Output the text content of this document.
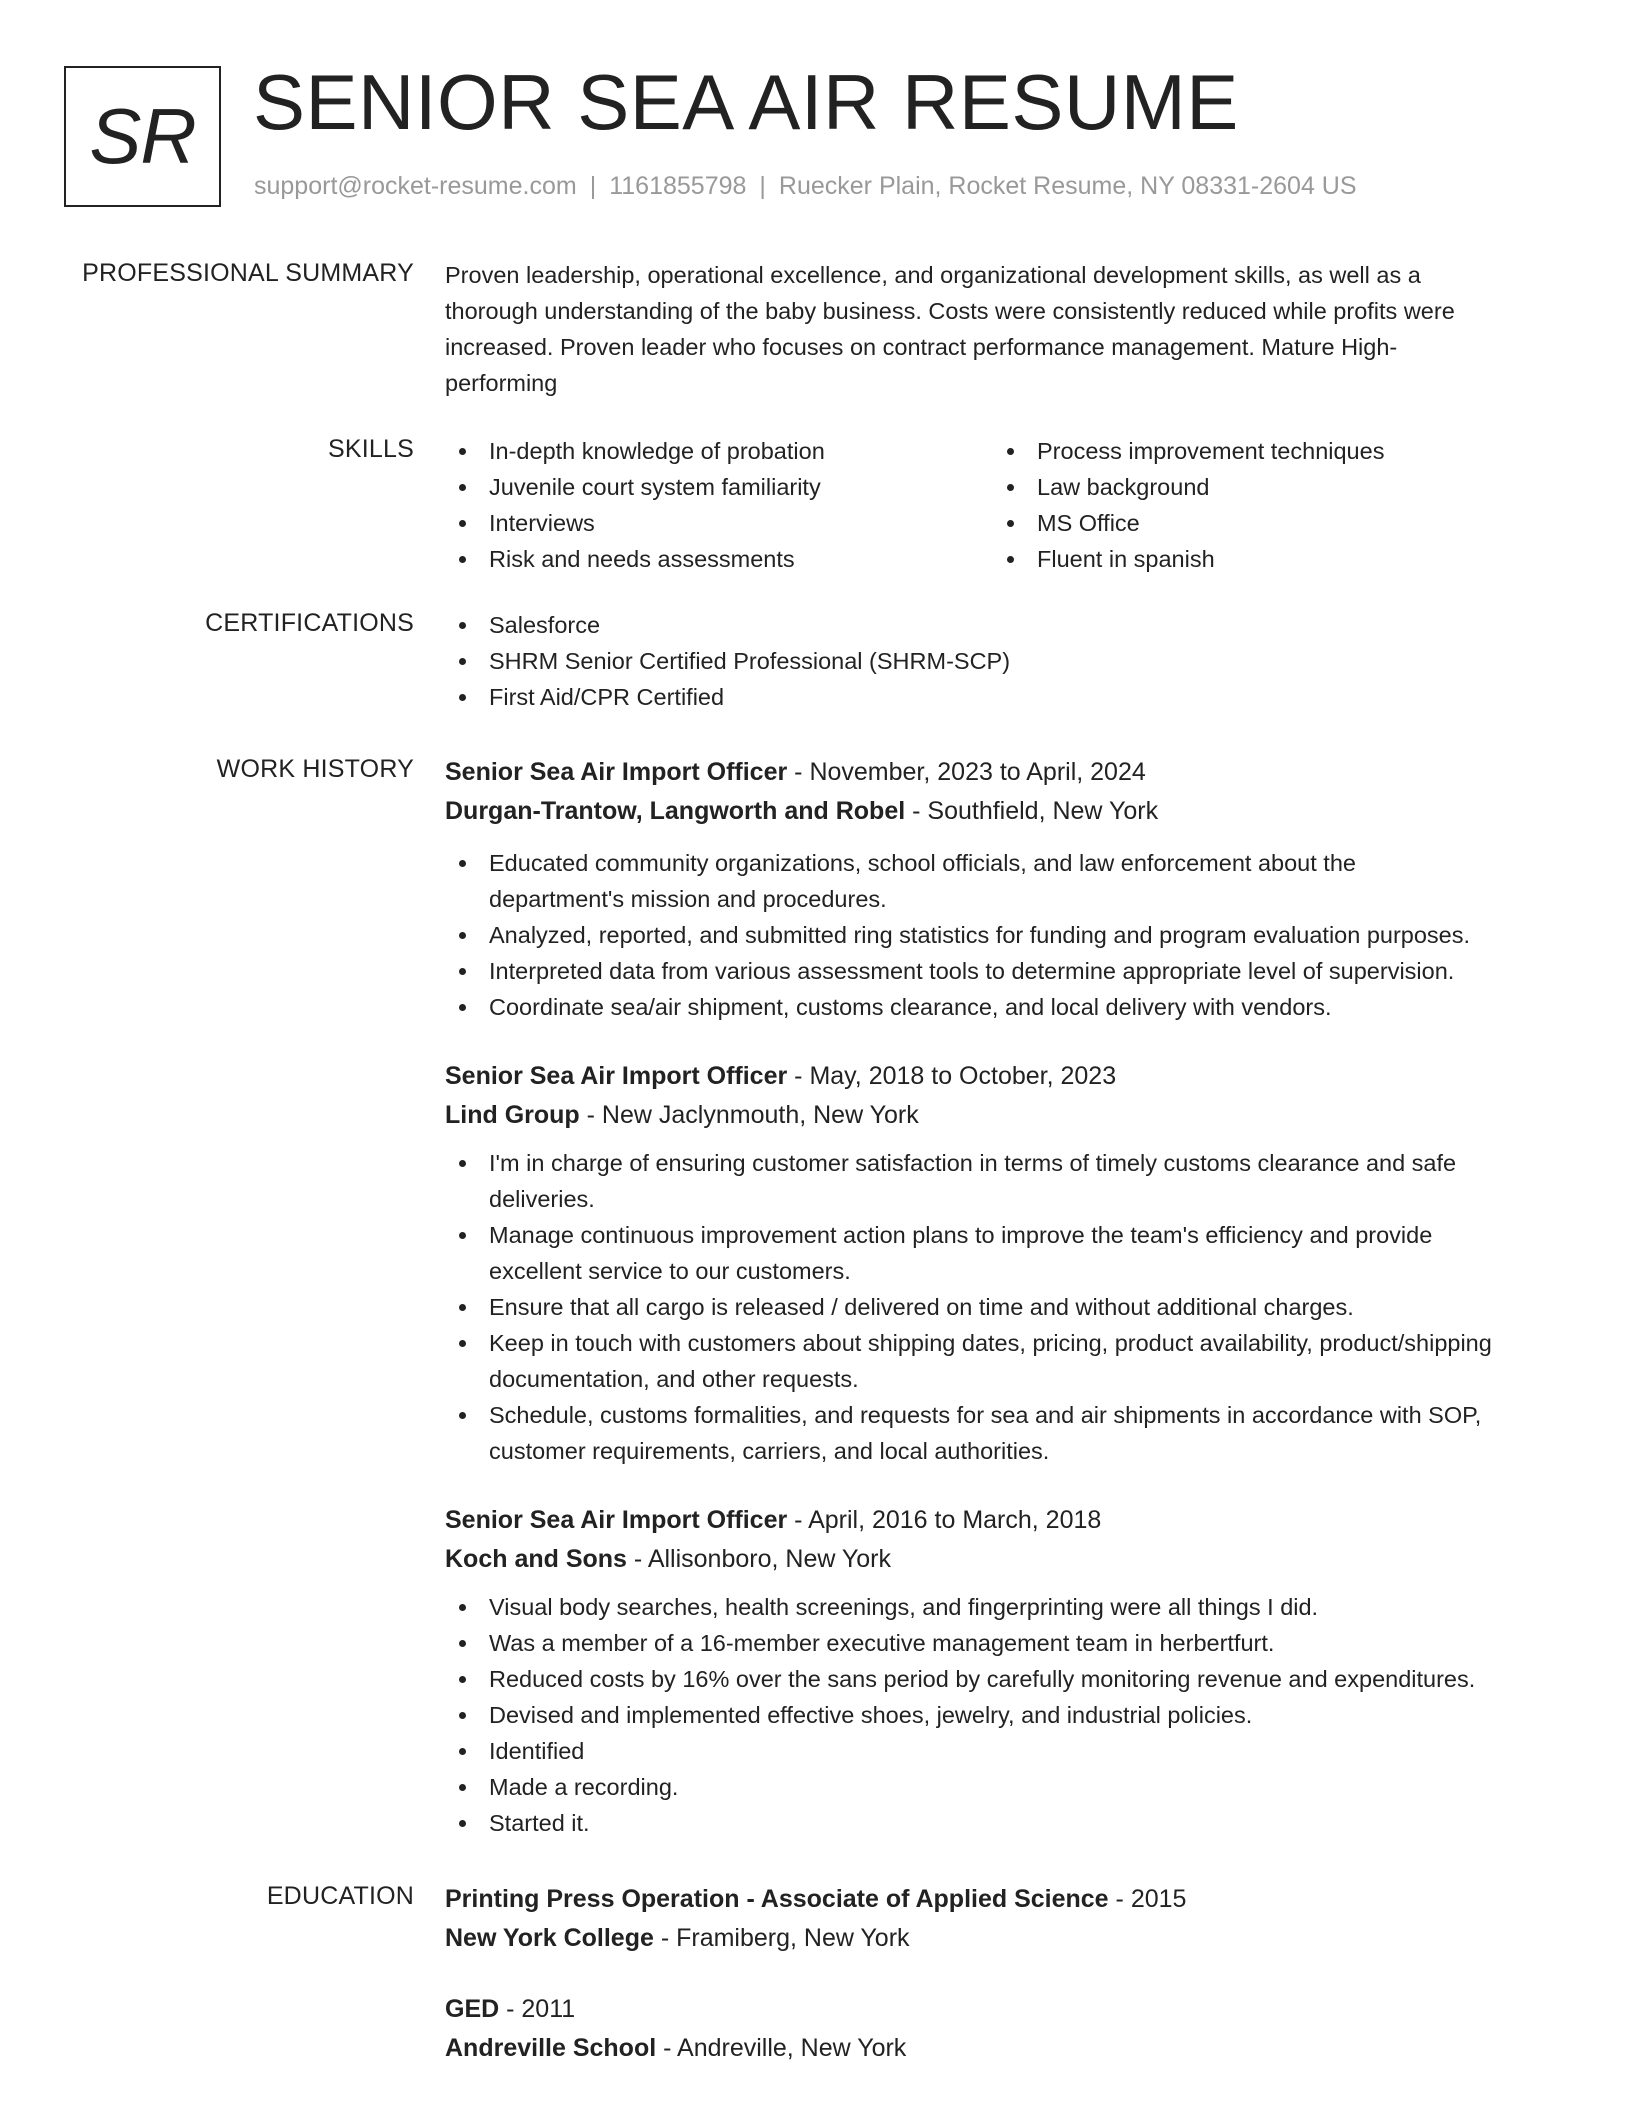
SR SENIOR SEA AIR RESUME
support@rocket-resume.com | 1161855798 | Ruecker Plain, Rocket Resume, NY 08331-2604 US
PROFESSIONAL SUMMARY Proven leadership, operational excellence, and organizational development skills, as well as a
thorough understanding of the baby business. Costs were consistently reduced while profits were
increased. Proven leader who focuses on contract performance management. Mature High-
performing
SKILLS	In-depth knowledge of probation
Juvenile court system familiarity
Interviews
Risk and needs assessments
Process improvement techniques
Law background
MS Office
Fluent in spanish
CERTIFICATIONS	Salesforce
SHRM Senior Certified Professional (SHRM-SCP)
First Aid/CPR Certified
WORK HISTORY Senior Sea Air Import Officer - November, 2023 to April, 2024
Durgan-Trantow, Langworth and Robel - Southfield, New York
Educated community organizations, school officials, and law enforcement about the
department's mission and procedures.
Analyzed, reported, and submitted ring statistics for funding and program evaluation purposes.
Interpreted data from various assessment tools to determine appropriate level of supervision.
Coordinate sea/air shipment, customs clearance, and local delivery with vendors.
Senior Sea Air Import Officer - May, 2018 to October, 2023
Lind Group - New Jaclynmouth, New York
I'm in charge of ensuring customer satisfaction in terms of timely customs clearance and safe
deliveries.
Manage continuous improvement action plans to improve the team's efficiency and provide
excellent service to our customers.
Ensure that all cargo is released / delivered on time and without additional charges.
Keep in touch with customers about shipping dates, pricing, product availability, product/shipping
documentation, and other requests.
Schedule, customs formalities, and requests for sea and air shipments in accordance with SOP,
customer requirements, carriers, and local authorities.
Senior Sea Air Import Officer - April, 2016 to March, 2018
Koch and Sons - Allisonboro, New York
Visual body searches, health screenings, and fingerprinting were all things I did.
Was a member of a 16-member executive management team in herbertfurt.
Reduced costs by 16% over the sans period by carefully monitoring revenue and expenditures.
Devised and implemented effective shoes, jewelry, and industrial policies.
Identified
Made a recording.
Started it.
EDUCATION Printing Press Operation - Associate of Applied Science - 2015
New York College - Framiberg, New York
GED - 2011
Andreville School - Andreville, New York
